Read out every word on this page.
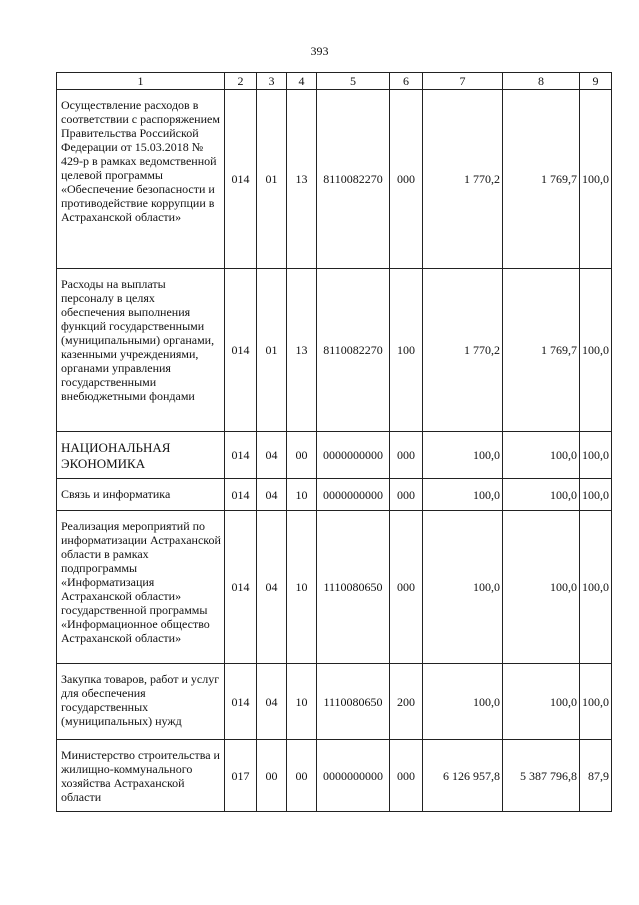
393
1	2	3	4	5	6	7	8	9
Осуществление расходов в соответствии с распоряжением Правительства Российской Федерации от 15.03.2018 № 429-р в рамках ведомственной целевой программы «Обеспечение безопасности и противодействие коррупции в Астраханской области»	014	01	13	8110082270	000	1 770,2	1 769,7	100,0
Расходы на выплаты персоналу в целях обеспечения выполнения функций государственными (муниципальными) органами, казенными учреждениями, органами управления государственными внебюджетными фондами	014	01	13	8110082270	100	1 770,2	1 769,7	100,0
НАЦИОНАЛЬНАЯ ЭКОНОМИКА	014	04	00	0000000000	000	100,0	100,0	100,0
Связь и информатика	014	04	10	0000000000	000	100,0	100,0	100,0
Реализация мероприятий по информатизации Астраханской области в рамках подпрограммы «Информатизация Астраханской области» государственной программы «Информационное общество Астраханской области»	014	04	10	1110080650	000	100,0	100,0	100,0
Закупка товаров, работ и услуг для обеспечения государственных (муниципальных) нужд	014	04	10	1110080650	200	100,0	100,0	100,0
Министерство строительства и жилищно-коммунального хозяйства Астраханской области	017	00	00	0000000000	000	6 126 957,8	5 387 796,8	87,9
